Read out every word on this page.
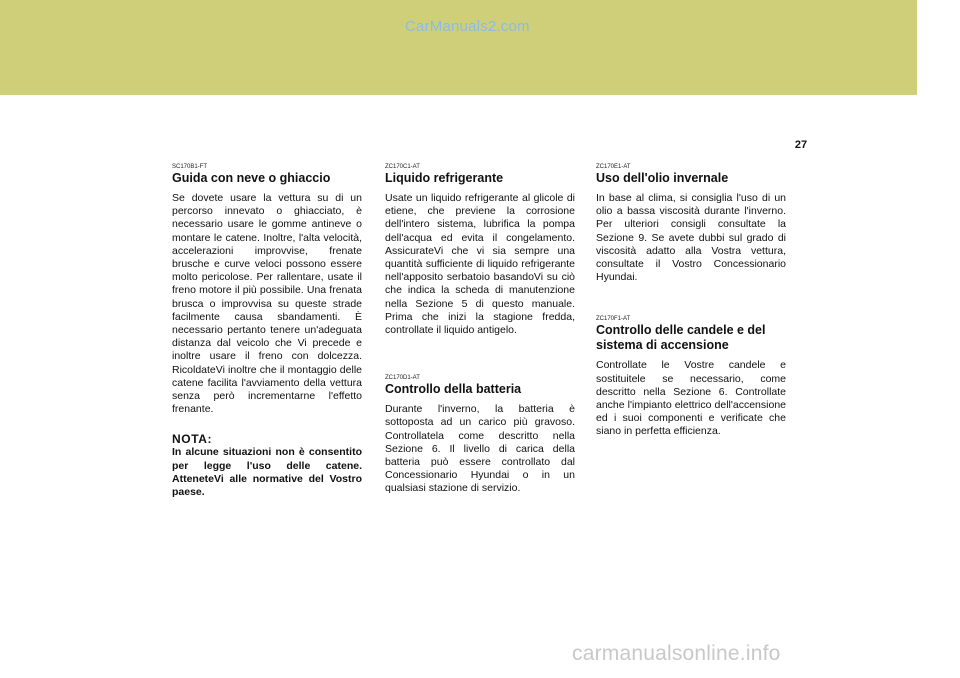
CarManuals2.com
2
OPERAZIONI DI GUIDA
27
SC170B1-FT
Guida con neve o ghiaccio

Se dovete usare la vettura su di un percorso innevato o ghiacciato, è necessario usare le gomme antineve o montare le catene. Inoltre, l'alta velocità, accelerazioni improvvise, frenate brusche e curve veloci possono essere molto pericolose. Per rallentare, usate il freno motore il più possibile. Una frenata brusca o improvvisa su queste strade facilmente causa sbandamenti. È necessario pertanto tenere un'adeguata distanza dal veicolo che Vi precede e inoltre usare il freno con dolcezza. RicoldateVi inoltre che il montaggio delle catene facilita l'avviamento della vettura senza però incrementarne l'effetto frenante.

NOTA:

In alcune situazioni non è consentito per legge l'uso delle catene. AtteneteVi alle normative del Vostro paese.

ZC170C1-AT
Liquido refrigerante

Usate un liquido refrigerante al glicole di etiene, che previene la corrosione dell'intero sistema, lubrifica la pompa dell'acqua ed evita il congelamento. AssicurateVi che vi sia sempre una quantità sufficiente di liquido refrigerante nell'apposito serbatoio basandoVi su ciò che indica la scheda di manutenzione nella Sezione 5 di questo manuale. Prima che inizi la stagione fredda, controllate il liquido antigelo.

ZC170D1-AT
Controllo della batteria

Durante l'inverno, la batteria è sottoposta ad un carico più gravoso. Controllatela come descritto nella Sezione 6. Il livello di carica della batteria può essere controllato dal Concessionario Hyundai o in un qualsiasi stazione di servizio.

ZC170E1-AT
Uso dell'olio invernale

In base al clima, si consiglia l'uso di un olio a bassa viscosità durante l'inverno. Per ulteriori consigli consultate la Sezione 9. Se avete dubbi sul grado di viscosità adatto alla Vostra vettura, consultate il Vostro Concessionario Hyundai.

ZC170F1-AT
Controllo delle candele e del sistema di accensione

Controllate le Vostre candele e sostituitele se necessario, come descritto nella Sezione 6. Controllate anche l'impianto elettrico dell'accensione ed i suoi componenti e verificate che siano in perfetta efficienza.

carmanualsonline.info
